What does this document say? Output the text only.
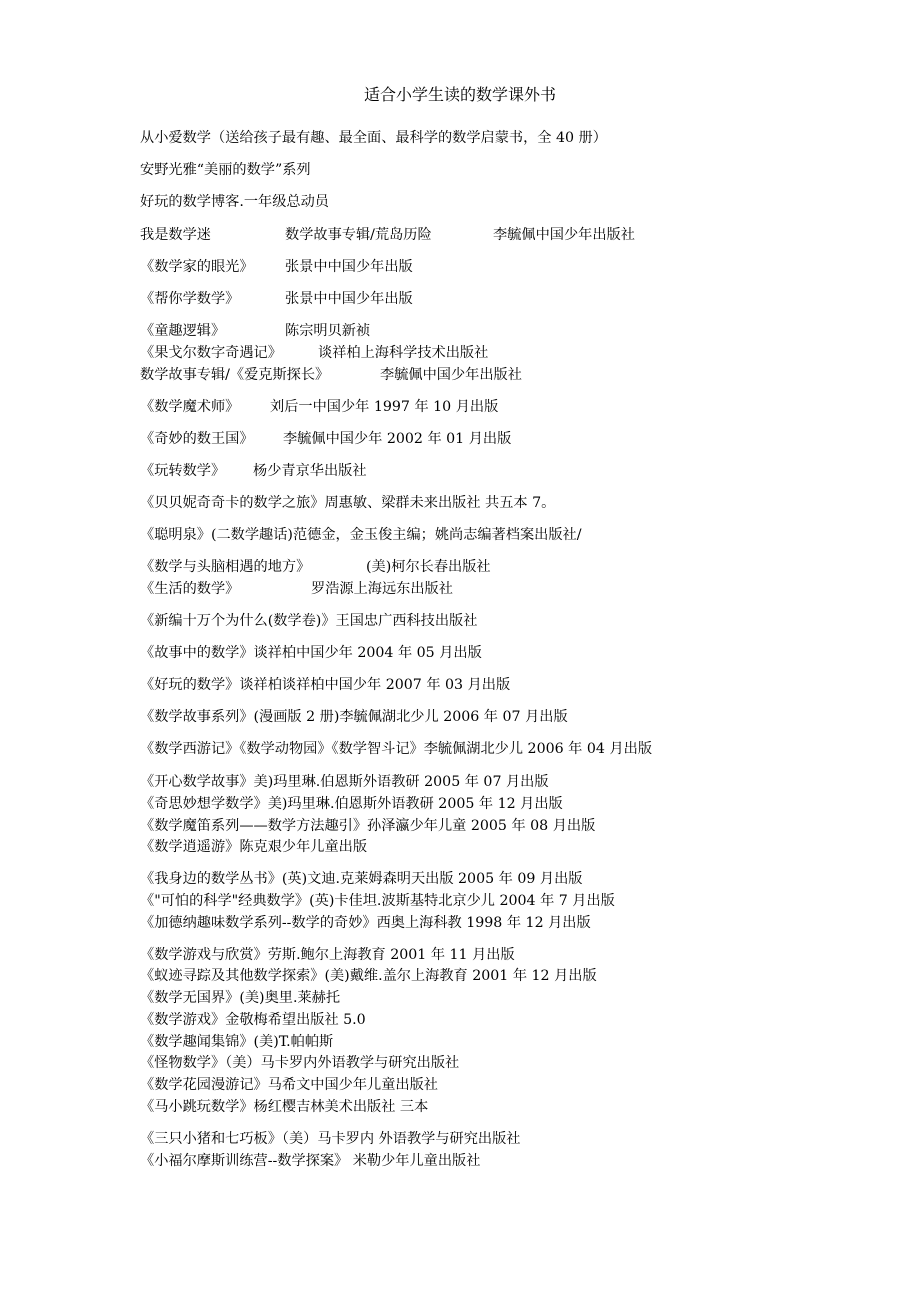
适合小学生读的数学课外书
从小爱数学（送给孩子最有趣、最全面、最科学的数学启蒙书，全 40 册）
安野光雅“美丽的数学”系列
好玩的数学博客.一年级总动员
我是数学迷	数学故事专辑/荒岛历险	李毓佩中国少年出版社
《数学家的眼光》 张景中中国少年出版
《帮你学数学》	张景中中国少年出版
《童趣逻辑》	陈宗明贝新祯
《果戈尔数字奇遇记》	谈祥柏上海科学技术出版社
数学故事专辑/《爱克斯探长》	李毓佩中国少年出版社
《数学魔术师》 刘后一中国少年 1997 年 10 月出版
《奇妙的数王国》 李毓佩中国少年 2002 年 01 月出版
《玩转数学》 杨少青京华出版社
《贝贝妮奇奇卡的数学之旅》周惠敏、梁群未来出版社 共五本 7。
《聪明泉》(二数学趣话)范德金，金玉俊主编；姚尚志编著档案出版社/
《数学与头脑相遇的地方》	(美)柯尔长春出版社
《生活的数学》	罗浩源上海远东出版社
《新编十万个为什么(数学卷)》王国忠广西科技出版社
《故事中的数学》谈祥柏中国少年 2004 年 05 月出版
《好玩的数学》谈祥柏谈祥柏中国少年 2007 年 03 月出版
《数学故事系列》(漫画版 2 册)李毓佩湖北少儿 2006 年 07 月出版
《数学西游记》《数学动物园》《数学智斗记》李毓佩湖北少儿 2006 年 04 月出版
《开心数学故事》美)玛里琳.伯恩斯外语教研 2005 年 07 月出版
《奇思妙想学数学》美)玛里琳.伯恩斯外语教研 2005 年 12 月出版
《数学魔笛系列——数学方法趣引》孙泽瀛少年儿童 2005 年 08 月出版
《数学逍遥游》陈克艰少年儿童出版
《我身边的数学丛书》(英)文迪.克莱姆森明天出版 2005 年 09 月出版
《"可怕的科学"经典数学》(英)卡佳坦.波斯基特北京少儿 2004 年 7 月出版
《加德纳趣味数学系列--数学的奇妙》西奥上海科教 1998 年 12 月出版
《数学游戏与欣赏》劳斯.鲍尔上海教育 2001 年 11 月出版
《蚁迹寻踪及其他数学探索》(美)戴维.盖尔上海教育 2001 年 12 月出版
《数学无国界》(美)奥里.莱赫托
《数学游戏》金敬梅希望出版社 5.0
《数学趣闻集锦》(美)T.帕帕斯
《怪物数学》（美）马卡罗内外语教学与研究出版社
《数学花园漫游记》马希文中国少年儿童出版社
《马小跳玩数学》杨红樱吉林美术出版社 三本
《三只小猪和七巧板》（美）马卡罗内 外语教学与研究出版社
《小福尔摩斯训练营--数学探案》 米勒少年儿童出版社
